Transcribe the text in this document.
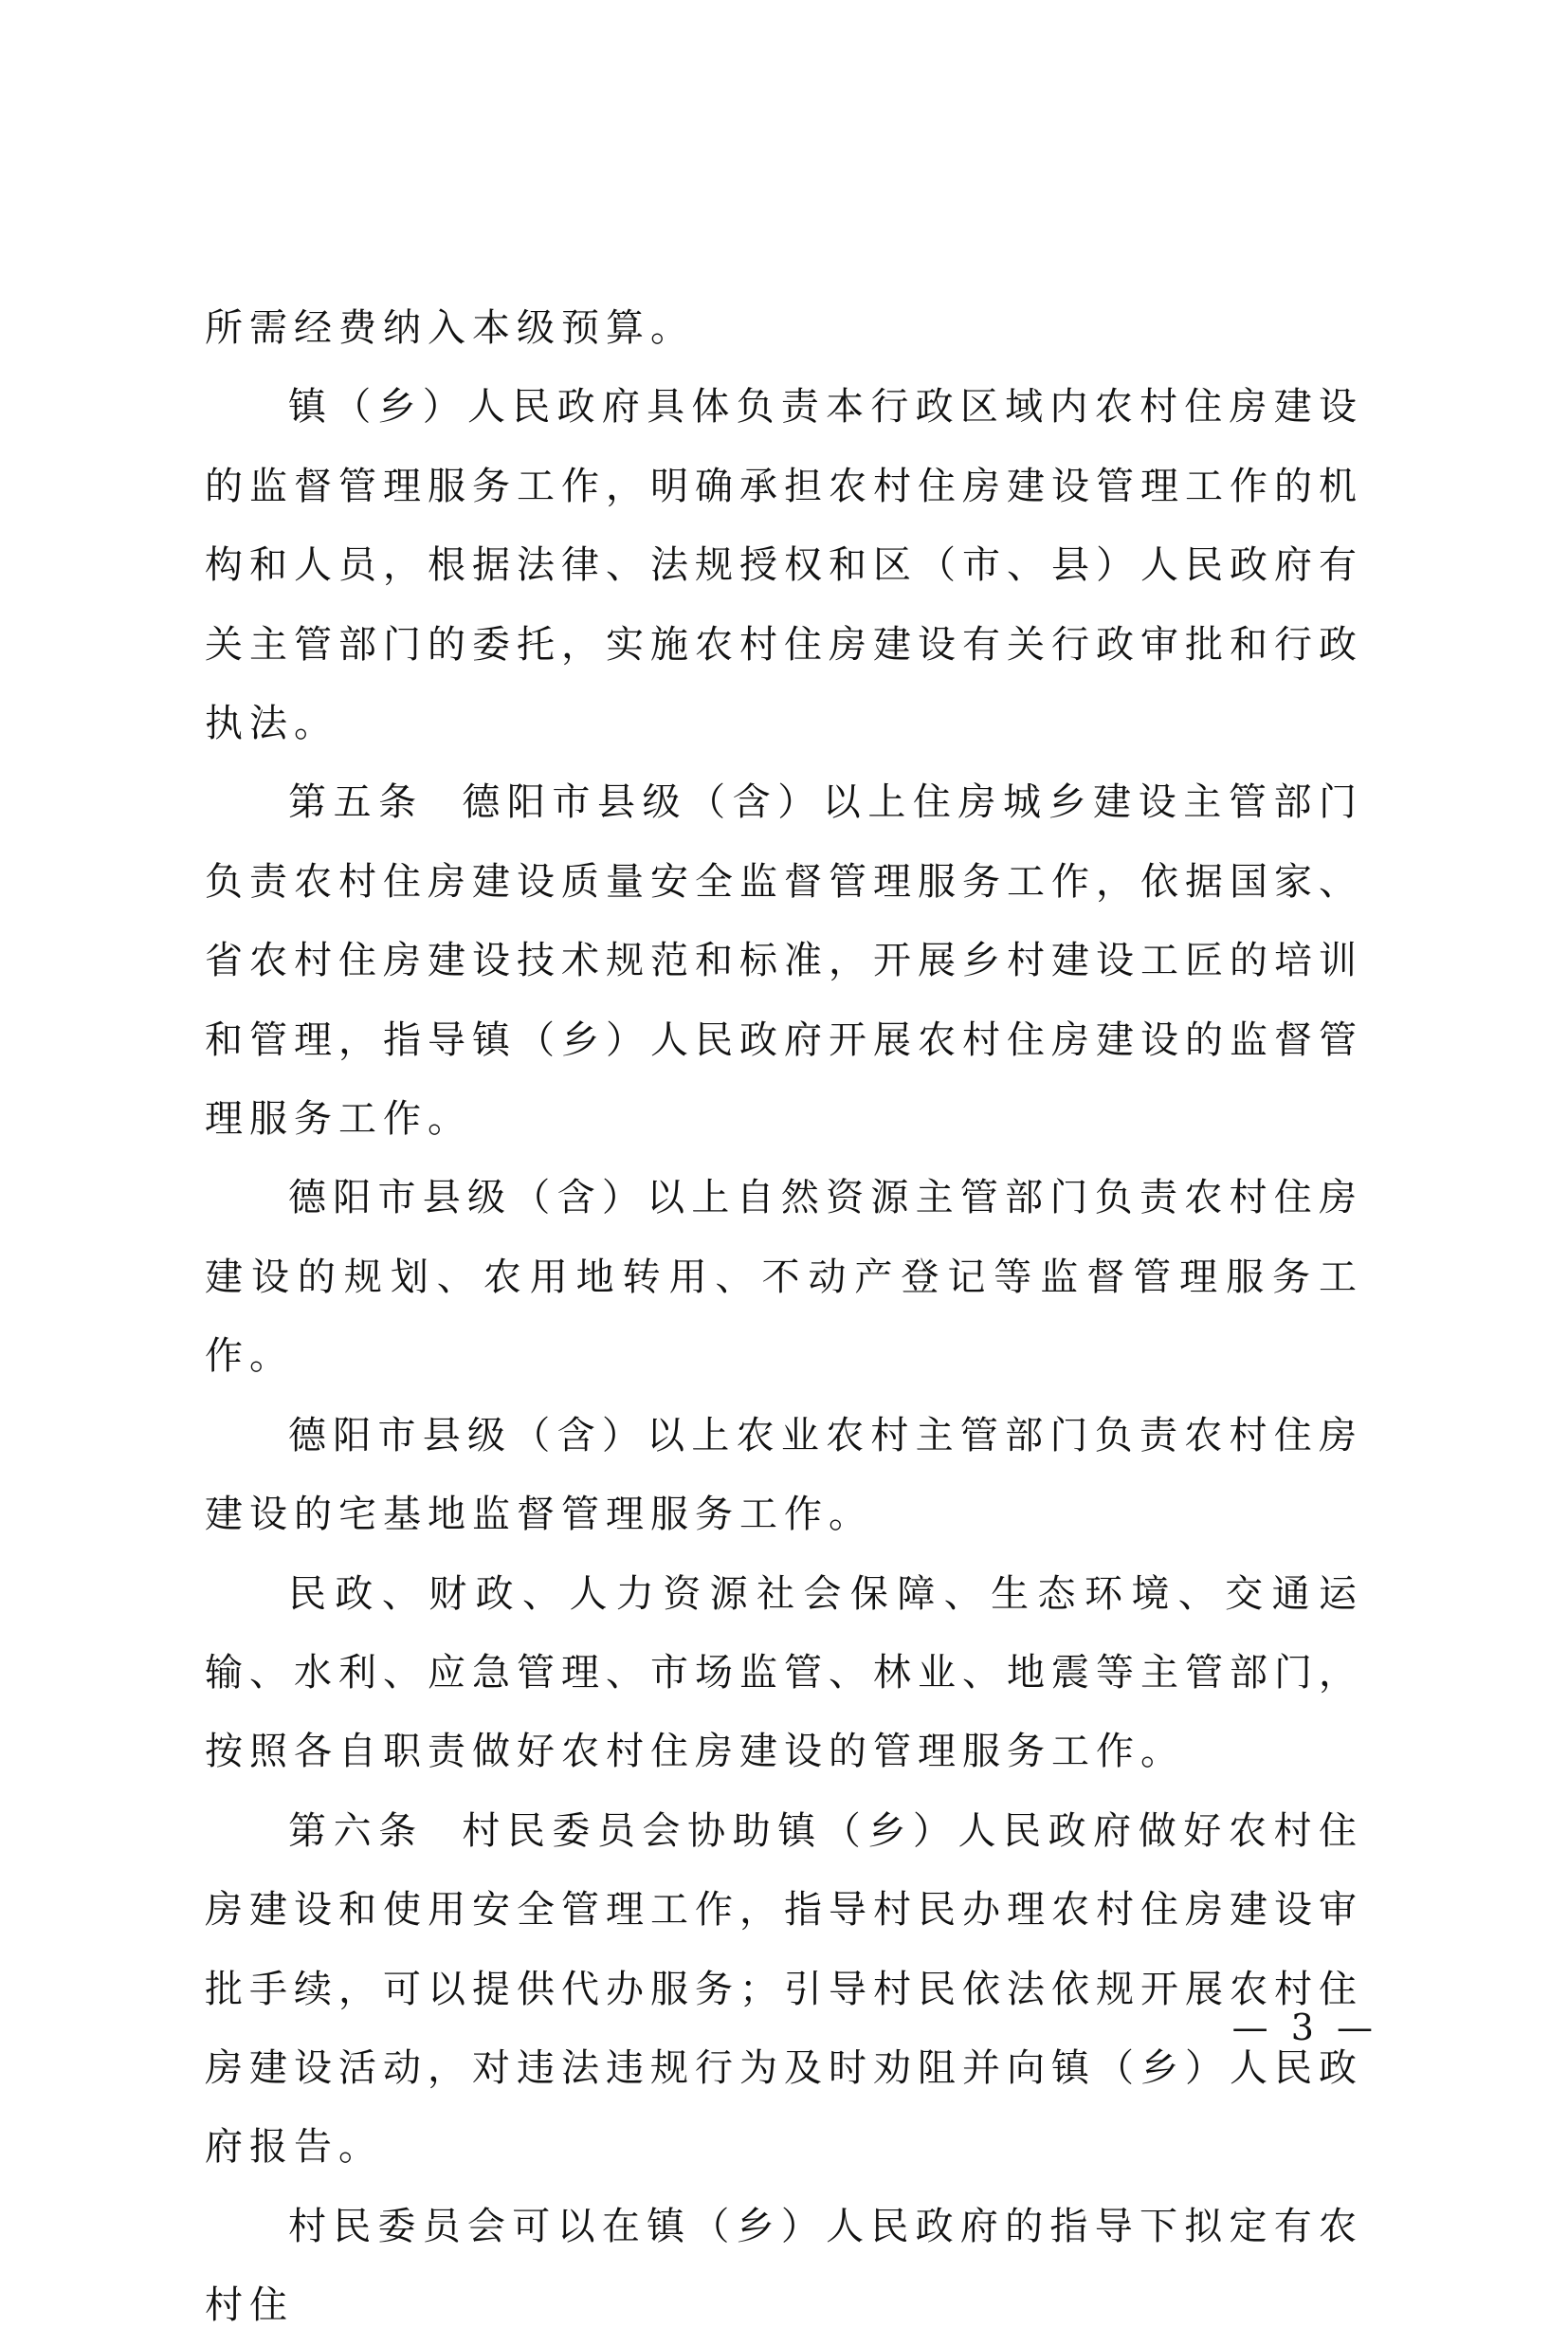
所需经费纳入本级预算。

镇（乡）人民政府具体负责本行政区域内农村住房建设的监督管理服务工作，明确承担农村住房建设管理工作的机构和人员，根据法律、法规授权和区（市、县）人民政府有关主管部门的委托，实施农村住房建设有关行政审批和行政执法。

第五条 德阳市县级（含）以上住房城乡建设主管部门负责农村住房建设质量安全监督管理服务工作，依据国家、省农村住房建设技术规范和标准，开展乡村建设工匠的培训和管理，指导镇（乡）人民政府开展农村住房建设的监督管理服务工作。

德阳市县级（含）以上自然资源主管部门负责农村住房建设的规划、农用地转用、不动产登记等监督管理服务工作。

德阳市县级（含）以上农业农村主管部门负责农村住房建设的宅基地监督管理服务工作。

民政、财政、人力资源社会保障、生态环境、交通运输、水利、应急管理、市场监管、林业、地震等主管部门，按照各自职责做好农村住房建设的管理服务工作。

第六条 村民委员会协助镇（乡）人民政府做好农村住房建设和使用安全管理工作，指导村民办理农村住房建设审批手续，可以提供代办服务；引导村民依法依规开展农村住房建设活动，对违法违规行为及时劝阻并向镇（乡）人民政府报告。

村民委员会可以在镇（乡）人民政府的指导下拟定有农村住

— 3 —
